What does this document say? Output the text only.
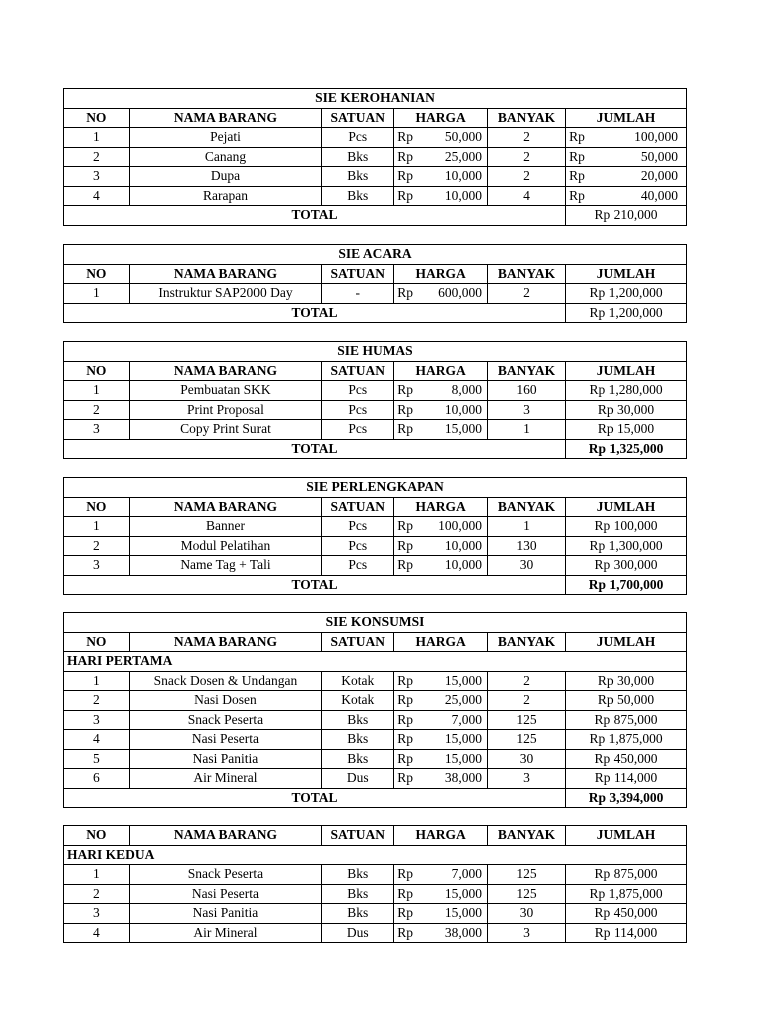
SIE KEROHANIAN					
NO	NAMA BARANG	SATUAN	HARGA	BANYAK	JUMLAH
1	Pejati	Pcs	Rp 50,000	2	Rp 100,000

2	Canang	Bks	Rp 25,000	2	Rp 50,000

3	Dupa	Bks	Rp 10,000	2	Rp 20,000

4	Rarapan	Bks	Rp 10,000	4	Rp 40,000

TOTAL					Rp 210,000
SIE ACARA					
NO	NAMA BARANG	SATUAN	HARGA	BANYAK	JUMLAH
1	Instruktur SAP2000 Day	-	Rp 600,000	2	Rp 1,200,000
TOTAL					Rp 1,200,000
SIE HUMAS					
NO	NAMA BARANG	SATUAN	HARGA	BANYAK	JUMLAH
1	Pembuatan SKK	Pcs	Rp 8,000	160	Rp 1,280,000
2	Print Proposal	Pcs	Rp 10,000	3	Rp 30,000
3	Copy Print Surat	Pcs	Rp 15,000	1	Rp 15,000
TOTAL					Rp 1,325,000
SIE PERLENGKAPAN					
NO	NAMA BARANG	SATUAN	HARGA	BANYAK	JUMLAH
1	Banner	Pcs	Rp 100,000	1	Rp 100,000
2	Modul Pelatihan	Pcs	Rp 10,000	130	Rp 1,300,000
3	Name Tag + Tali	Pcs	Rp 10,000	30	Rp 300,000
TOTAL					Rp 1,700,000
SIE KONSUMSI					
NO	NAMA BARANG	SATUAN	HARGA	BANYAK	JUMLAH
HARI PERTAMA					
1	Snack Dosen & Undangan	Kotak	Rp 15,000	2	Rp 30,000
2	Nasi Dosen	Kotak	Rp 25,000	2	Rp 50,000
3	Snack Peserta	Bks	Rp 7,000	125	Rp 875,000
4	Nasi Peserta	Bks	Rp 15,000	125	Rp 1,875,000
5	Nasi Panitia	Bks	Rp 15,000	30	Rp 450,000
6	Air Mineral	Dus	Rp 38,000	3	Rp 114,000
TOTAL					Rp 3,394,000
NO	NAMA BARANG	SATUAN	HARGA	BANYAK	JUMLAH
HARI KEDUA					
1	Snack Peserta	Bks	Rp 7,000	125	Rp 875,000
2	Nasi Peserta	Bks	Rp 15,000	125	Rp 1,875,000
3	Nasi Panitia	Bks	Rp 15,000	30	Rp 450,000
4	Air Mineral	Dus	Rp 38,000	3	Rp 114,000
